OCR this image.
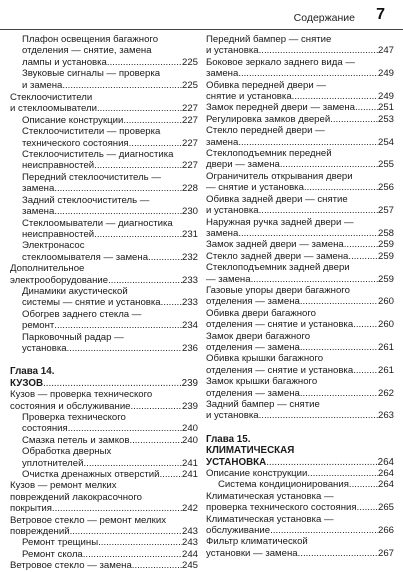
Содержание 7
Плафон освещения багажного
отделения — снятие, замена
лампы и установка .....	225
Звуковые сигналы — проверка
и замена .....	225
Стеклоочистители
и стеклоомыватели .....	227
Описание конструкции .....	227
Стеклоочистители — проверка
технического состояния .....	227
Стеклоочиститель — диагностика
неисправностей .....	227
Передний стеклоочиститель —
замена .....	228
Задний стеклоочиститель —
замена .....	230
Стеклоомыватели — диагностика
неисправностей .....	231
Электронасос
стеклоомывателя — замена .....	232
Дополнительное
электрооборудование .....	233
Динамики акустической
системы — снятие и установка ..... 233
Обогрев заднего стекла —
ремонт .....	234
Парковочный радар —
установка .....	236
Глава 14.
КУЗОВ .....	239
Кузов — проверка технического
состояния и обслуживание .....	239
Проверка технического
состояния .....	240
Смазка петель и замков .....	240
Обработка дверных
уплотнителей .....	241
Очистка дренажных отверстий ..... 241
Кузов — ремонт мелких
повреждений лакокрасочного
покрытия .....	242
Ветровое стекло — ремонт мелких
повреждений .....	243
Ремонт трещины .....	243
Ремонт скола .....	244
Ветровое стекло — замена .....	245
Передний бампер — снятие
и установка .....	247
Боковое зеркало заднего вида —
замена .....	249
Обивка передней двери —
снятие и установка .....	249
Замок передней двери — замена ..... 251
Регулировка замков дверей .....	253
Стекло передней двери —
замена .....	254
Стеклоподъемник передней
двери — замена .....	255
Ограничитель открывания двери
— снятие и установка .....	256
Обивка задней двери — снятие
и установка .....	257
Наружная ручка задней двери —
замена .....	258
Замок задней двери — замена .....	259
Стекло задней двери — замена .....	259
Стеклоподъемник задней двери
— замена .....	259
Газовые упоры двери багажного
отделения — замена .....	260
Обивка двери багажного
отделения — снятие и установка .....	260
Замок двери багажного
отделения — замена .....	261
Обивка крышки багажного
отделения — снятие и установка .....	261
Замок крышки багажного
отделения — замена .....	262
Задний бампер — снятие
и установка .....	263
Глава 15.
КЛИМАТИЧЕСКАЯ
УСТАНОВКА .....	264
Описание конструкции .....	264
Система кондиционирования .....	264
Климатическая установка —
проверка технического состояния ..... 265
Климатическая установка —
обслуживание .....	266
Фильтр климатической
установки — замена .....	267
